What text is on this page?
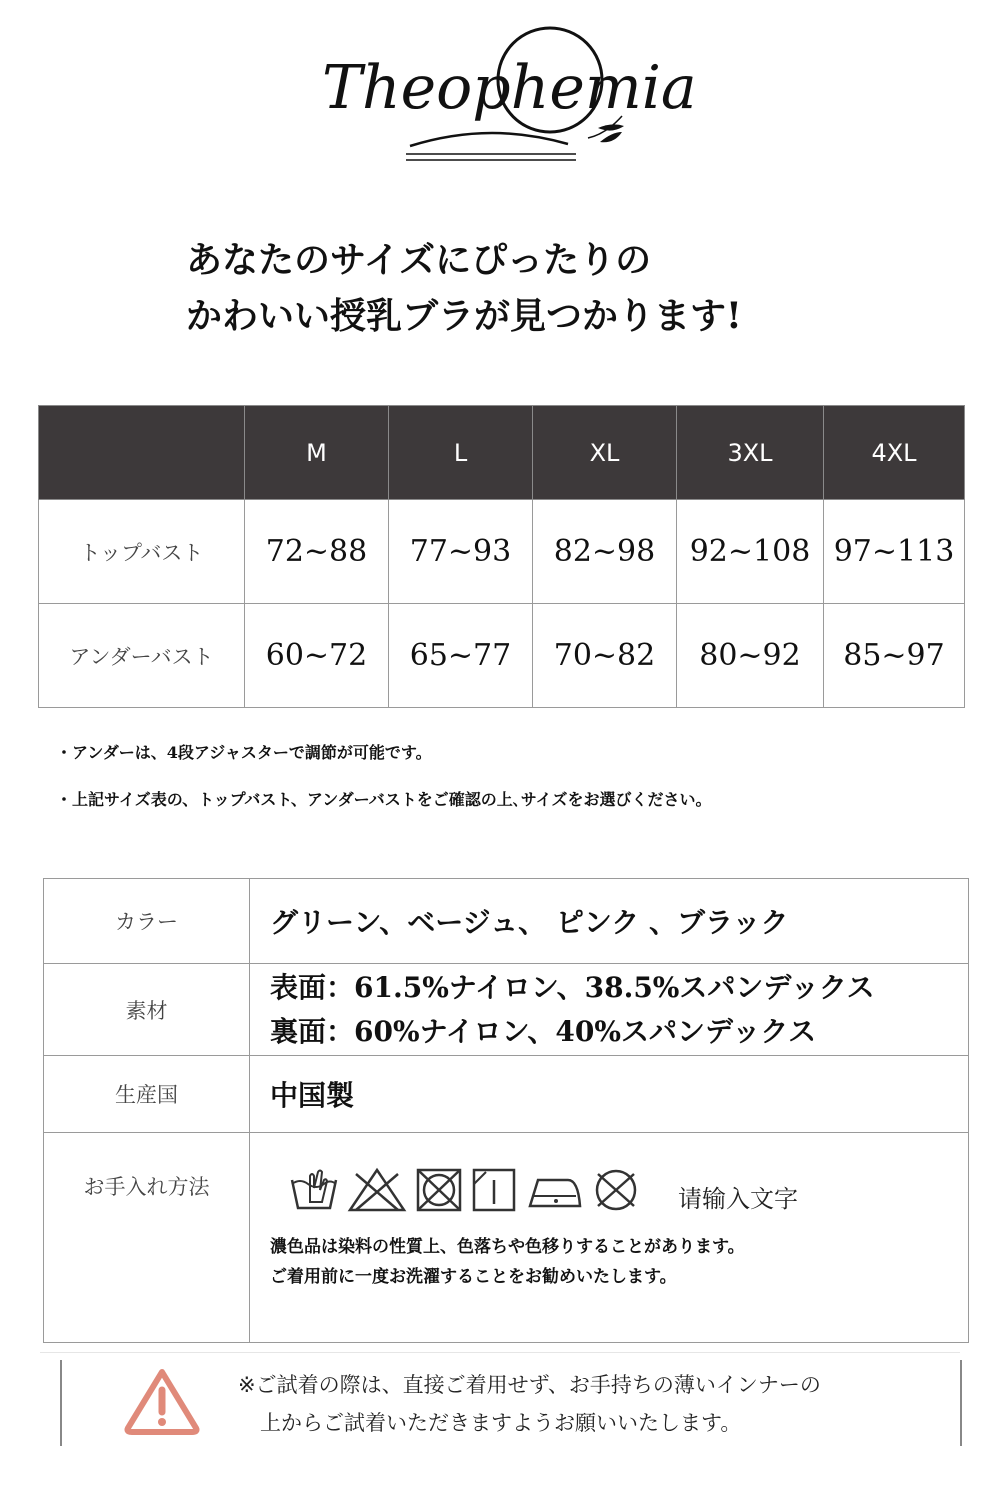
Theophemia
あなたのサイズにぴったりの
かわいい授乳ブラが見つかります!
	M	L	XL	3XL	4XL
トップバスト	72~88	77~93	82~98	92~108	97~113
アンダーバスト	60~72	65~77	70~82	80~92	85~97
・アンダーは、4段アジャスターで調節が可能です。
・上記サイズ表の、トップバスト、アンダーバストをご確認の上､サイズをお選びください。
カラー	グリーン、ベージュ、 ピンク 、ブラック
素材	表面：61.5%ナイロン、38.5%スパンデックス
裏面：60%ナイロン、40%スパンデックス

生産国	中国製
お手入れ方法	请输入文字
濃色品は染料の性質上、色落ちや色移りすることがあります。
ご着用前に一度お洗濯することをお勧めいたします。
※ご試着の際は、直接ご着用せず、お手持ちの薄いインナーの
上からご試着いただきますようお願いいたします。
